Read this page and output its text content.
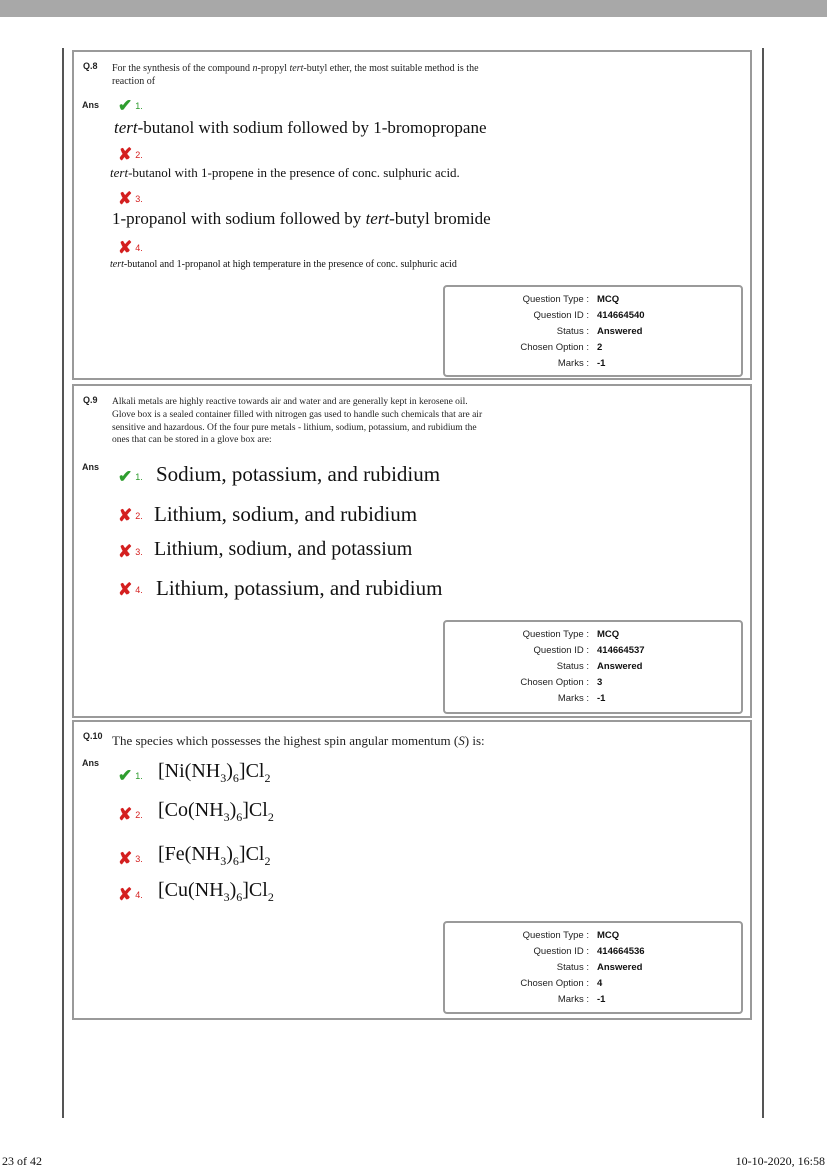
Q.8 For the synthesis of the compound n-propyl tert-butyl ether, the most suitable method is the
reaction of
Ans ✔ 1.
tert-butanol with sodium followed by 1-bromopropane
✘ 2.
tert-butanol with 1-propene in the presence of conc. sulphuric acid.
✘ 3.
1-propanol with sodium followed by tert-butyl bromide
✘ 4.
tert-butanol and 1-propanol at high temperature in the presence of conc. sulphuric acid
Question Type : MCQ
Question ID : 414664540
Status : Answered
Chosen Option : 2
Marks : -1
Q.9 Alkali metals are highly reactive towards air and water and are generally kept in kerosene oil.
Glove box is a sealed container filled with nitrogen gas used to handle such chemicals that are air
sensitive and hazardous. Of the four pure metals - lithium, sodium, potassium, and rubidium the
ones that can be stored in a glove box are:
Ans ✔ 1. Sodium, potassium, and rubidium
✘ 2. Lithium, sodium, and rubidium
✘ 3. Lithium, sodium, and potassium
✘ 4. Lithium, potassium, and rubidium
Question Type : MCQ
Question ID : 414664537
Status : Answered
Chosen Option : 3
Marks : -1
Q.10 The species which possesses the highest spin angular momentum (S) is:
Ans
✔ 1. $[Ni(NH_3)_6]Cl_2$
✘ 2. $[Co(NH_3)_6]Cl_2$
✘ 3. $[Fe(NH_3)_6]Cl_2$
✘ 4. $[Cu(NH_3)_6]Cl_2$
Question Type : MCQ
Question ID : 414664536
Status : Answered
Chosen Option : 4
Marks : -1
23 of 42	10-10-2020, 16:58
